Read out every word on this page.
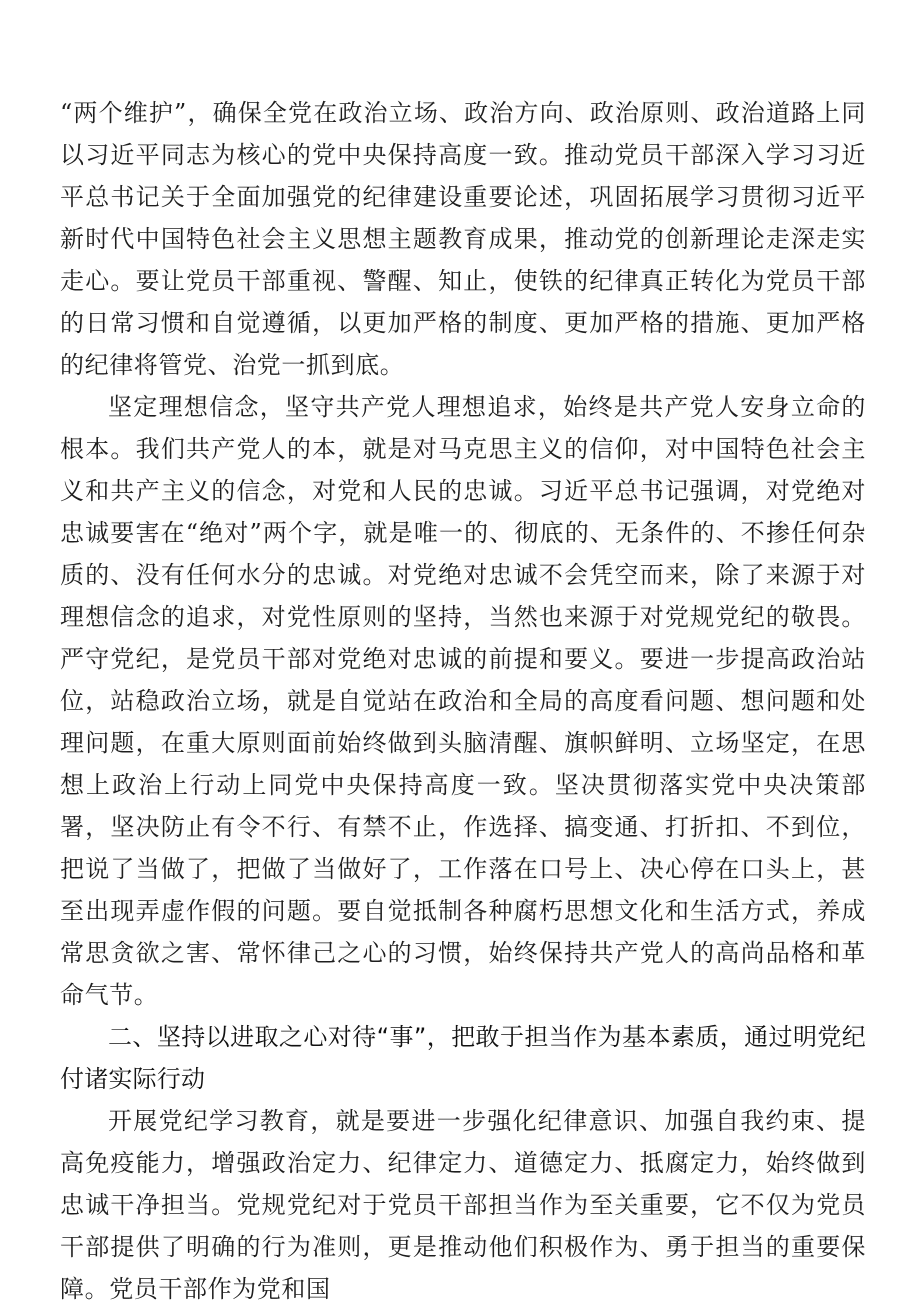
“两个维护”，确保全党在政治立场、政治方向、政治原则、政治道路上同以习近平同志为核心的党中央保持高度一致。推动党员干部深入学习习近平总书记关于全面加强党的纪律建设重要论述，巩固拓展学习贯彻习近平新时代中国特色社会主义思想主题教育成果，推动党的创新理论走深走实走心。要让党员干部重视、警醒、知止，使铁的纪律真正转化为党员干部的日常习惯和自觉遵循，以更加严格的制度、更加严格的措施、更加严格的纪律将管党、治党一抓到底。

坚定理想信念，坚守共产党人理想追求，始终是共产党人安身立命的根本。我们共产党人的本，就是对马克思主义的信仰，对中国特色社会主义和共产主义的信念，对党和人民的忠诚。习近平总书记强调，对党绝对忠诚要害在“绝对”两个字，就是唯一的、彻底的、无条件的、不掺任何杂质的、没有任何水分的忠诚。对党绝对忠诚不会凭空而来，除了来源于对理想信念的追求，对党性原则的坚持，当然也来源于对党规党纪的敬畏。严守党纪，是党员干部对党绝对忠诚的前提和要义。要进一步提高政治站位，站稳政治立场，就是自觉站在政治和全局的高度看问题、想问题和处理问题，在重大原则面前始终做到头脑清醒、旗帜鲜明、立场坚定，在思想上政治上行动上同党中央保持高度一致。坚决贯彻落实党中央决策部署，坚决防止有令不行、有禁不止，作选择、搞变通、打折扣、不到位，把说了当做了，把做了当做好了，工作落在口号上、决心停在口头上，甚至出现弄虚作假的问题。要自觉抵制各种腐朽思想文化和生活方式，养成常思贪欲之害、常怀律己之心的习惯，始终保持共产党人的高尚品格和革命气节。

二、坚持以进取之心对待“事”，把敢于担当作为基本素质，通过明党纪付诸实际行动

开展党纪学习教育，就是要进一步强化纪律意识、加强自我约束、提高免疫能力，增强政治定力、纪律定力、道德定力、抵腐定力，始终做到忠诚干净担当。党规党纪对于党员干部担当作为至关重要，它不仅为党员干部提供了明确的行为准则，更是推动他们积极作为、勇于担当的重要保障。党员干部作为党和国
